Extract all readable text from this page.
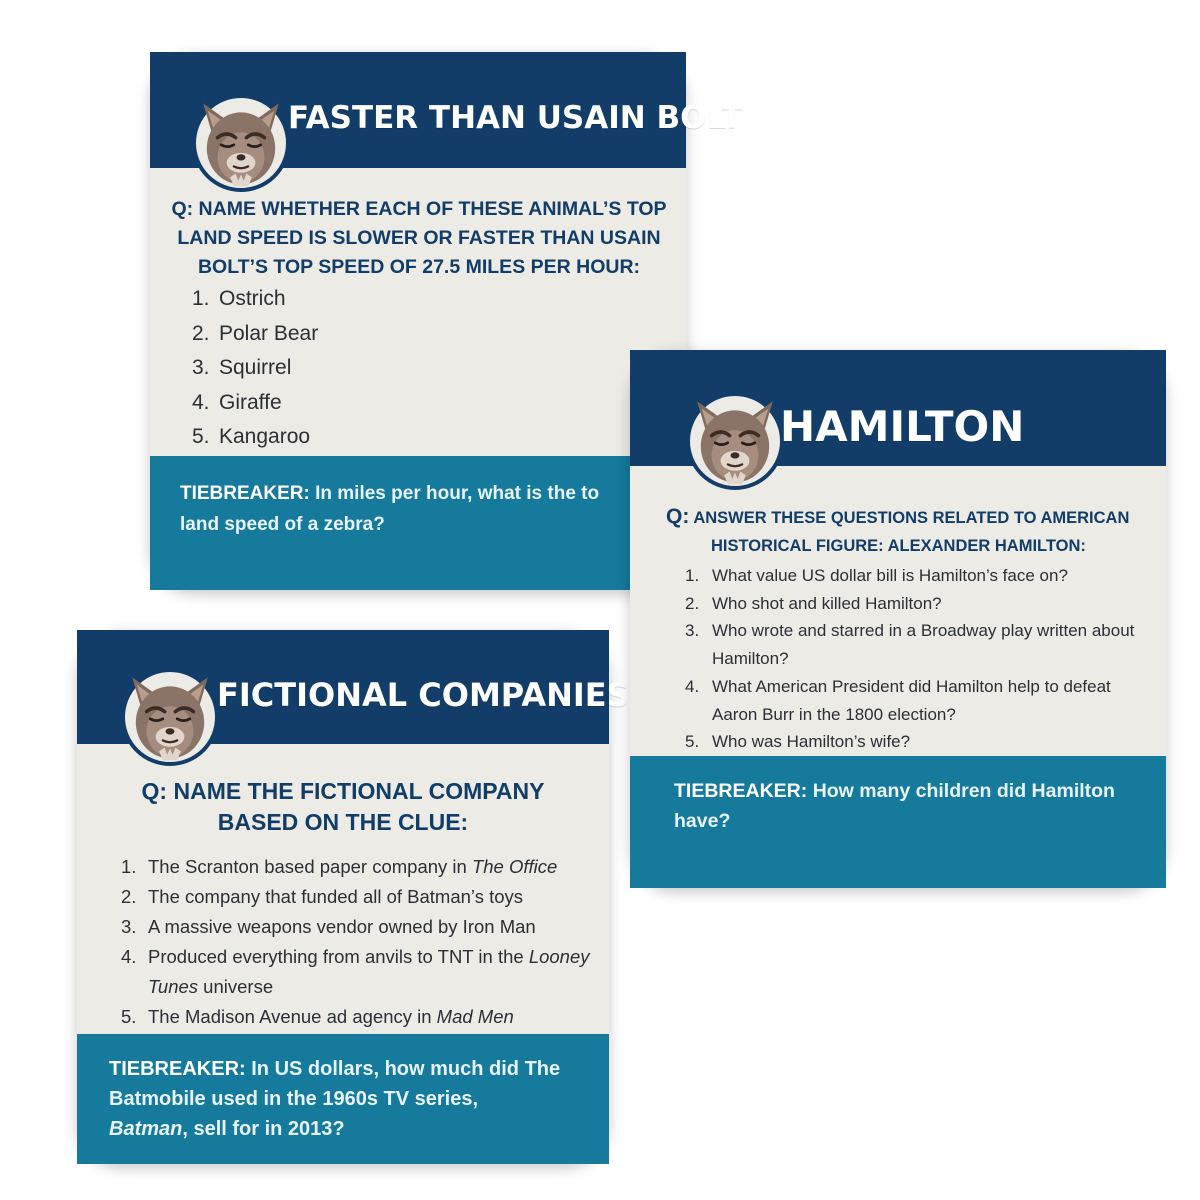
FASTER THAN USAIN BOLT
Q: NAME WHETHER EACH OF THESE ANIMAL’S TOP LAND SPEED IS SLOWER OR FASTER THAN USAIN BOLT’S TOP SPEED OF 27.5 MILES PER HOUR:
1. Ostrich
2. Polar Bear
3. Squirrel
4. Giraffe
5. Kangaroo
TIEBREAKER: In miles per hour, what is the to
land speed of a zebra?
FICTIONAL COMPANIES
Q: NAME THE FICTIONAL COMPANY
BASED ON THE CLUE:
1. The Scranton based paper company in The Office
2. The company that funded all of Batman’s toys
3. A massive weapons vendor owned by Iron Man
4. Produced everything from anvils to TNT in the Looney Tunes universe
5. The Madison Avenue ad agency in Mad Men
TIEBREAKER: In US dollars, how much did The
Batmobile used in the 1960s TV series,
Batman, sell for in 2013?
HAMILTON
Q: ANSWER THESE QUESTIONS RELATED TO AMERICAN
HISTORICAL FIGURE: ALEXANDER HAMILTON:
1. What value US dollar bill is Hamilton’s face on?
2. Who shot and killed Hamilton?
3. Who wrote and starred in a Broadway play written about Hamilton?
4. What American President did Hamilton help to defeat Aaron Burr in the 1800 election?
5. Who was Hamilton’s wife?
TIEBREAKER: How many children did Hamilton have?
